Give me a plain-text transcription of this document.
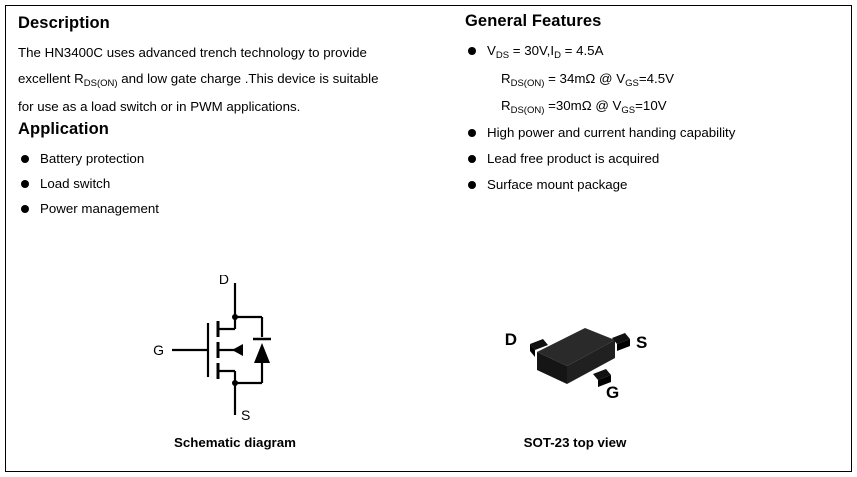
Description

The HN3400C uses advanced trench technology to provide
excellent $R_{DS(ON)}$ and low gate charge .This device is suitable
for use as a load switch or in PWM applications.

Application
Battery protection
Load switch
Power management
General Features
$V_{DS} = 30V,I_D = 4.5A$
$R_{DS(ON)} = 34m\Omega$ @ $V_{GS}=4.5V$
$R_{DS(ON)} =30m\Omega$ @ $V_{GS}=10V$
High power and current handing capability
Lead free product is acquired
Surface mount package
D
G
S
Schematic diagram
D	S
G
SOT-23 top view
